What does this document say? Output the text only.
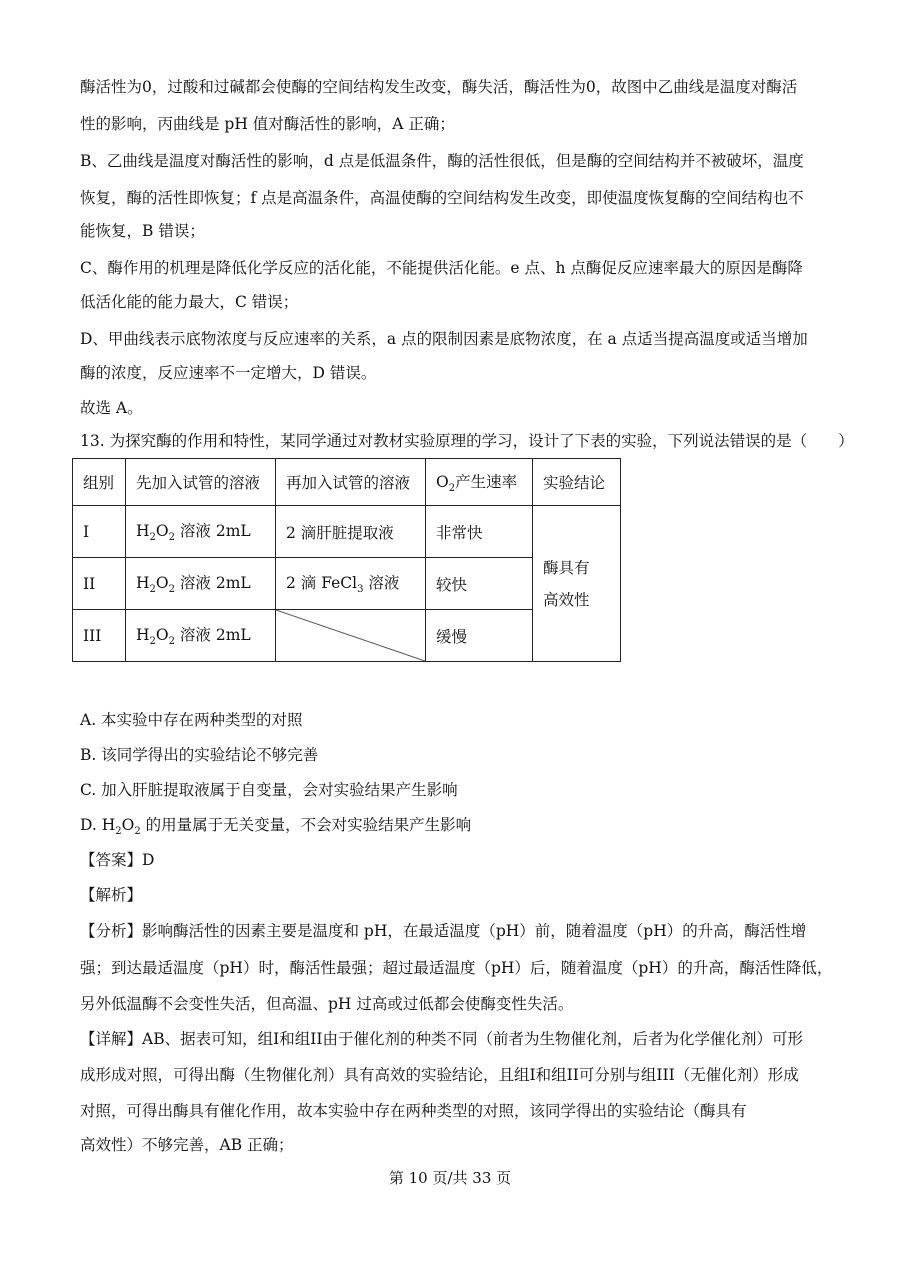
酶活性为0，过酸和过碱都会使酶的空间结构发生改变，酶失活，酶活性为0，故图中乙曲线是温度对酶活
性的影响，丙曲线是 pH 值对酶活性的影响，A 正确；
B、乙曲线是温度对酶活性的影响，d 点是低温条件，酶的活性很低，但是酶的空间结构并不被破坏，温度
恢复，酶的活性即恢复；f 点是高温条件，高温使酶的空间结构发生改变，即使温度恢复酶的空间结构也不
能恢复，B 错误；
C、酶作用的机理是降低化学反应的活化能，不能提供活化能。e 点、h 点酶促反应速率最大的原因是酶降
低活化能的能力最大，C 错误；
D、甲曲线表示底物浓度与反应速率的关系，a 点的限制因素是底物浓度，在 a 点适当提高温度或适当增加
酶的浓度，反应速率不一定增大，D 错误。
故选 A。
13. 为探究酶的作用和特性，某同学通过对教材实验原理的学习，设计了下表的实验，下列说法错误的是（　　）
组别	先加入试管的溶液	再加入试管的溶液	$O_2$产生速率	实验结论
I	$H_2O_2$ 溶液 2mL	2 滴肝脏提取液	非常快	酶具有
高效性
II	$H_2O_2$ 溶液 2mL	2 滴 FeCl$_3$ 溶液	较快	
III	$H_2O_2$ 溶液 2mL		缓慢	
A. 本实验中存在两种类型的对照
B. 该同学得出的实验结论不够完善
C. 加入肝脏提取液属于自变量，会对实验结果产生影响
D. $H_2O_2$ 的用量属于无关变量，不会对实验结果产生影响
【答案】D
【解析】
【分析】影响酶活性的因素主要是温度和 pH，在最适温度（pH）前，随着温度（pH）的升高，酶活性增
强；到达最适温度（pH）时，酶活性最强；超过最适温度（pH）后，随着温度（pH）的升高，酶活性降低，
另外低温酶不会变性失活，但高温、pH 过高或过低都会使酶变性失活。
【详解】AB、据表可知，组I和组II由于催化剂的种类不同（前者为生物催化剂，后者为化学催化剂）可形
成形成对照，可得出酶（生物催化剂）具有高效的实验结论，且组I和组II可分别与组III（无催化剂）形成
对照，可得出酶具有催化作用，故本实验中存在两种类型的对照，该同学得出的实验结论（酶具有
高效性）不够完善，AB 正确；
第 10 页/共 33 页
